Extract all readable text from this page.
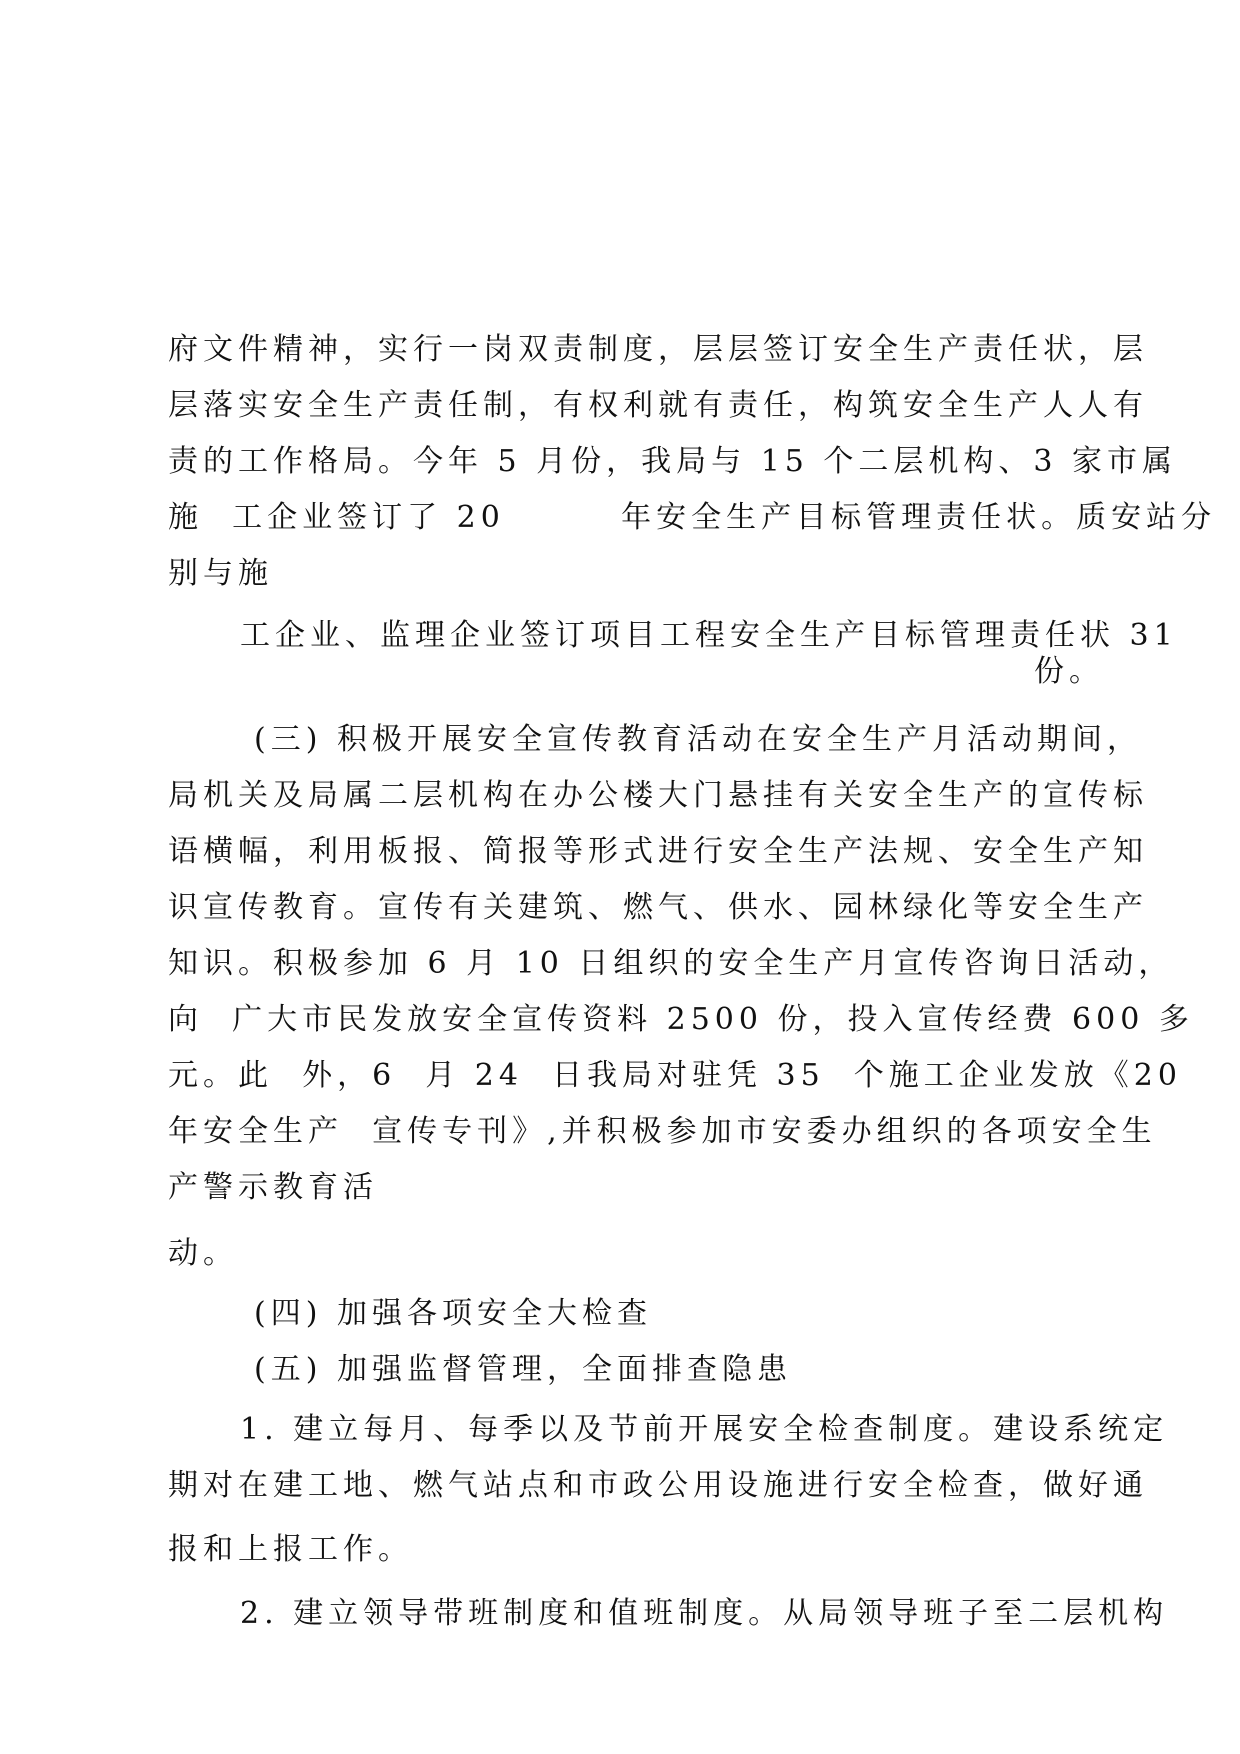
府文件精神，实行一岗双责制度，层层签订安全生产责任状，层
层落实安全生产责任制，有权利就有责任，构筑安全生产人人有
责的工作格局。今年 5 月份，我局与 15 个二层机构、3 家市属
施  工企业签订了 20        年安全生产目标管理责任状。质安站分
别与施
工企业、监理企业签订项目工程安全生产目标管理责任状 31
份。
(三) 积极开展安全宣传教育活动在安全生产月活动期间，
局机关及局属二层机构在办公楼大门悬挂有关安全生产的宣传标
语横幅，利用板报、简报等形式进行安全生产法规、安全生产知
识宣传教育。宣传有关建筑、燃气、供水、园林绿化等安全生产
知识。积极参加 6 月 10 日组织的安全生产月宣传咨询日活动，
向  广大市民发放安全宣传资料 2500 份，投入宣传经费 600 多
元。此  外，6  月 24  日我局对驻凭 35  个施工企业发放《20
年安全生产  宣传专刊》,并积极参加市安委办组织的各项安全生
产警示教育活
动。
(四) 加强各项安全大检查
(五) 加强监督管理，全面排查隐患
1. 建立每月、每季以及节前开展安全检查制度。建设系统定
期对在建工地、燃气站点和市政公用设施进行安全检查，做好通
报和上报工作。
2. 建立领导带班制度和值班制度。从局领导班子至二层机构
